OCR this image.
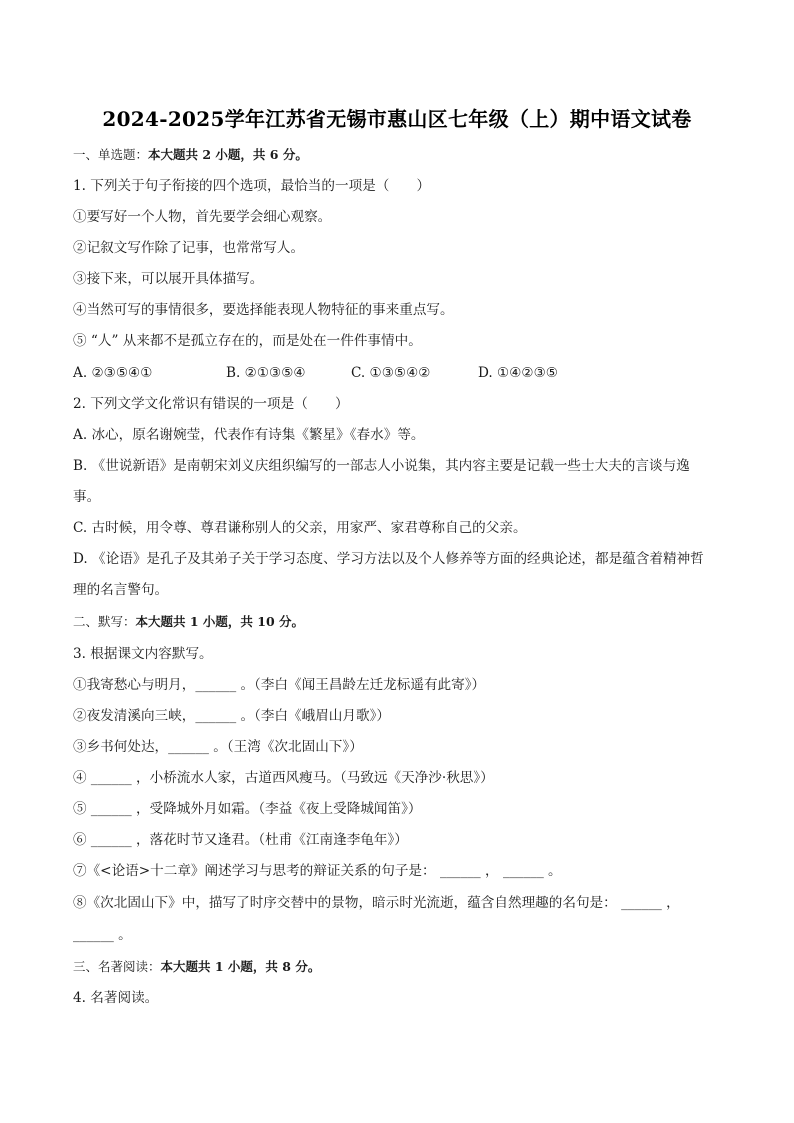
2024-2025学年江苏省无锡市惠山区七年级（上）期中语文试卷
一、单选题：本大题共 2 小题，共 6 分。
1. 下列关于句子衔接的四个选项，最恰当的一项是（　　）
①要写好一个人物，首先要学会细心观察。
②记叙文写作除了记事，也常常写人。
③接下来，可以展开具体描写。
④当然可写的事情很多，要选择能表现人物特征的事来重点写。
⑤ “人” 从来都不是孤立存在的，而是处在一件件事情中。
A. ②③⑤④①	B. ②①③⑤④	C. ①③⑤④②	D. ①④②③⑤
2. 下列文学文化常识有错误的一项是（　　）
A. 冰心，原名谢婉莹，代表作有诗集《繁星》《春水》等。
B. 《世说新语》是南朝宋刘义庆组织编写的一部志人小说集，其内容主要是记载一些士大夫的言谈与逸
事。
C. 古时候，用令尊、尊君谦称别人的父亲，用家严、家君尊称自己的父亲。
D. 《论语》是孔子及其弟子关于学习态度、学习方法以及个人修养等方面的经典论述，都是蕴含着精神哲
理的名言警句。
二、默写：本大题共 1 小题，共 10 分。
3. 根据课文内容默写。
①我寄愁心与明月，______ 。（李白《闻王昌龄左迁龙标遥有此寄》）
②夜发清溪向三峡，______ 。（李白《峨眉山月歌》）
③乡书何处达，______ 。（王湾《次北固山下》）
④ ______ ，小桥流水人家，古道西风瘦马。（马致远《天净沙·秋思》）
⑤ ______ ，受降城外月如霜。（李益《夜上受降城闻笛》）
⑥ ______ ，落花时节又逢君。（杜甫《江南逢李龟年》）
⑦《<论语>十二章》阐述学习与思考的辩证关系的句子是： ______ ， ______ 。
⑧《次北固山下》中，描写了时序交替中的景物，暗示时光流逝，蕴含自然理趣的名句是： ______ ，
______ 。
三、名著阅读：本大题共 1 小题，共 8 分。
4. 名著阅读。
